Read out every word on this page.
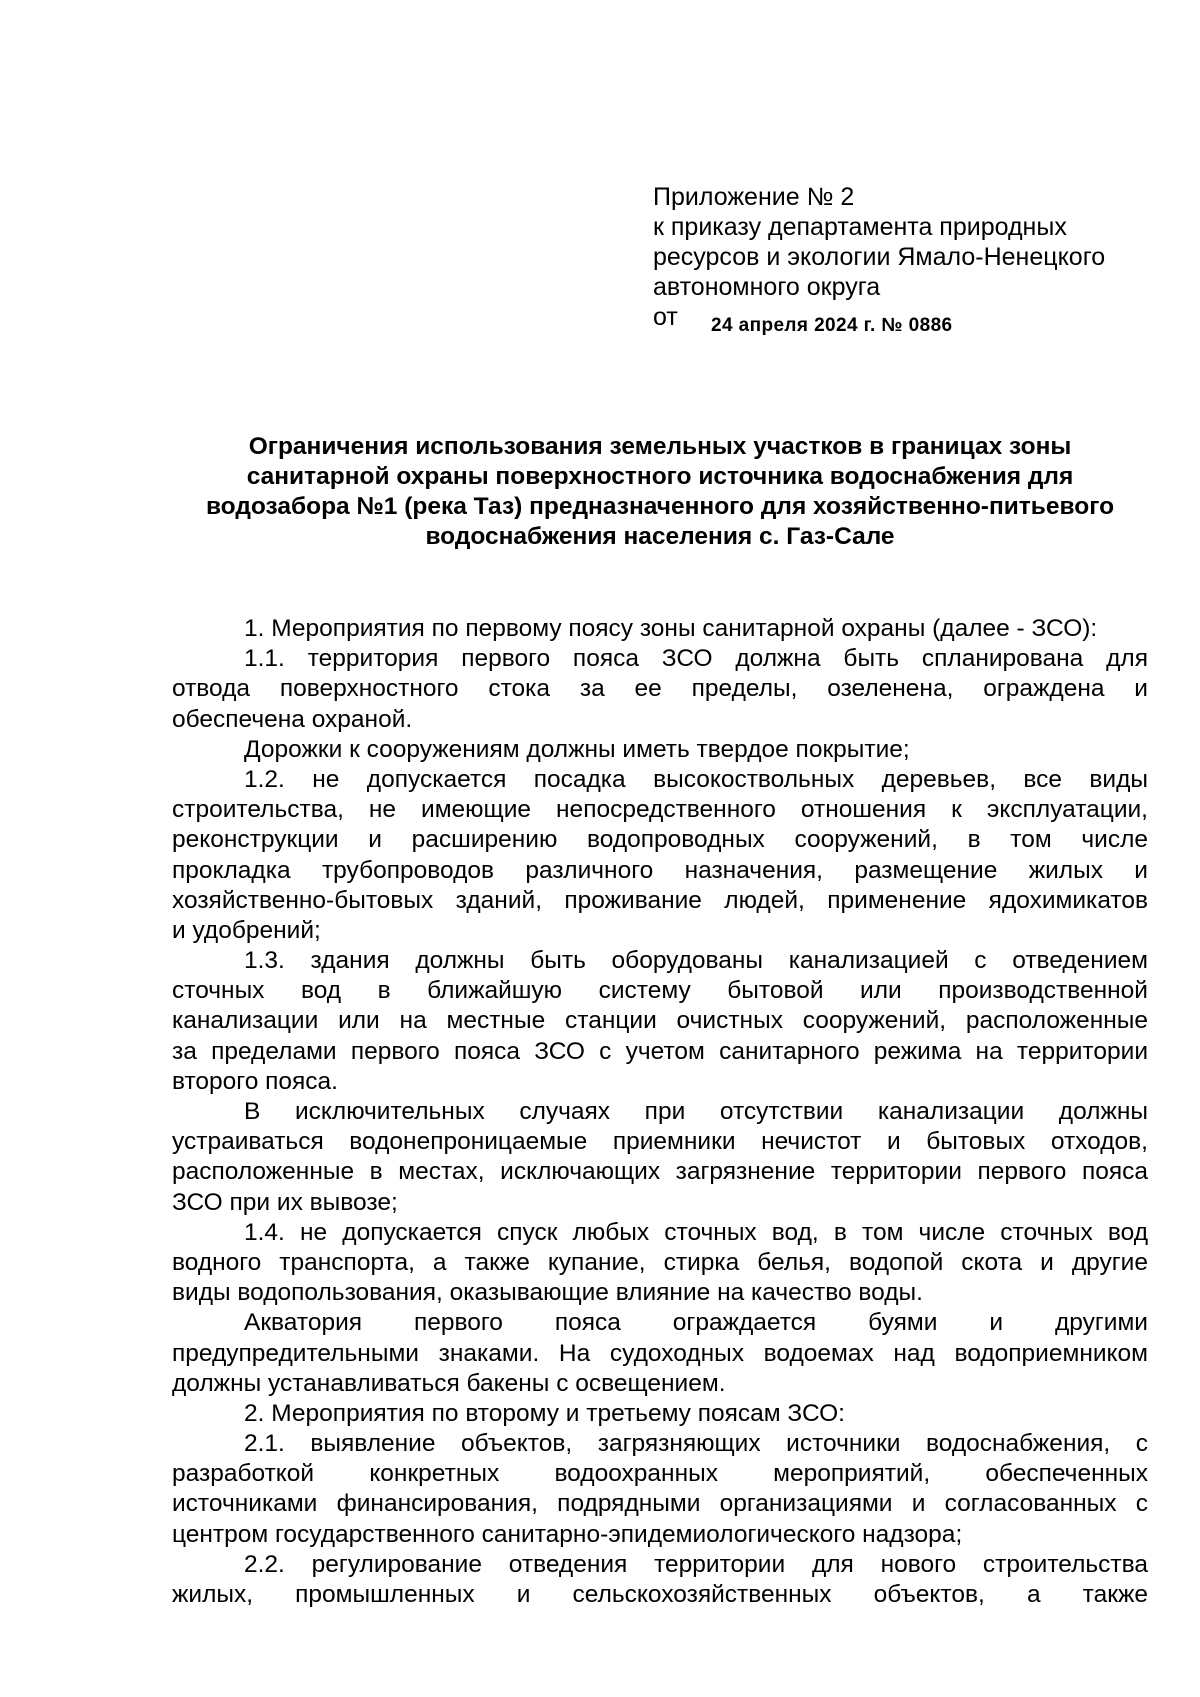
Приложение № 2
к приказу департамента природных
ресурсов и экологии Ямало-Ненецкого
автономного округа
от 24 апреля 2024 г. № 0886
Ограничения использования земельных участков в границах зоны
санитарной охраны поверхностного источника водоснабжения для
водозабора №1 (река Таз) предназначенного для хозяйственно-питьевого
водоснабжения населения с. Газ-Сале
1. Мероприятия по первому поясу зоны санитарной охраны (далее - ЗСО):
1.1. территория первого пояса ЗСО должна быть спланирована для
отвода поверхностного стока за ее пределы, озеленена, ограждена и
обеспечена охраной.
Дорожки к сооружениям должны иметь твердое покрытие;
1.2. не допускается посадка высокоствольных деревьев, все виды
строительства, не имеющие непосредственного отношения к эксплуатации,
реконструкции и расширению водопроводных сооружений, в том числе
прокладка трубопроводов различного назначения, размещение жилых и
хозяйственно-бытовых зданий, проживание людей, применение ядохимикатов
и удобрений;
1.3. здания должны быть оборудованы канализацией с отведением
сточных вод в ближайшую систему бытовой или производственной
канализации или на местные станции очистных сооружений, расположенные
за пределами первого пояса ЗСО с учетом санитарного режима на территории
второго пояса.
В исключительных случаях при отсутствии канализации должны
устраиваться водонепроницаемые приемники нечистот и бытовых отходов,
расположенные в местах, исключающих загрязнение территории первого пояса
ЗСО при их вывозе;
1.4. не допускается спуск любых сточных вод, в том числе сточных вод
водного транспорта, а также купание, стирка белья, водопой скота и другие
виды водопользования, оказывающие влияние на качество воды.
Акватория первого пояса ограждается буями и другими
предупредительными знаками. На судоходных водоемах над водоприемником
должны устанавливаться бакены с освещением.
2. Мероприятия по второму и третьему поясам ЗСО:
2.1. выявление объектов, загрязняющих источники водоснабжения, с
разработкой конкретных водоохранных мероприятий, обеспеченных
источниками финансирования, подрядными организациями и согласованных с
центром государственного санитарно-эпидемиологического надзора;
2.2. регулирование отведения территории для нового строительства
жилых, промышленных и сельскохозяйственных объектов, а также
